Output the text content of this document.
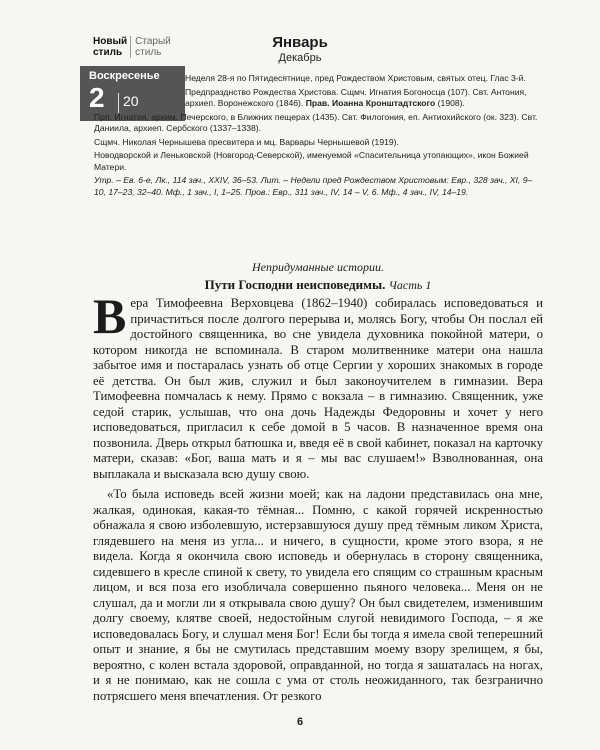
Новый
стильСтарый
стиль
Январь
Декабрь
Воскресенье
2 20

Неделя 28-я по Пятидесятнице, пред Рождеством Христовым, святых отец. Глас 3-й.

Предпразднство Рождества Христова. Сщмч. Игнатия Богоносца (107). Свт. Антония, архиеп. Воронежского (1846). Прав. Иоанна Кронштадтского (1908).

Прп. Игнатия, архим. Печерского, в Ближних пещерах (1435). Свт. Филогония, еп. Антиохийского (ок. 323). Свт. Даниила, архиеп. Сербского (1337–1338).

Сщмч. Николая Чернышева пресвитера и мц. Варвары Чернышевой (1919).

Новодворской и Леньковской (Новгород-Северской), именуемой «Спасительница утопающих», икон Божией Матери.

Утр. – Ев. 6-е, Лк., 114 зач., XXIV, 36–53. Лит. – Недели пред Рождеством Христовым: Евр., 328 зач., XI, 9–10, 17–23, 32–40. Мф., 1 зач., I, 1–25. Пров.: Евр., 311 зач., IV, 14 – V, 6. Мф., 4 зач., IV, 14–19.

Непридуманные истории.
Пути Господни неисповедимы. Часть 1

Вера Тимофеевна Верховцева (1862–1940) собиралась исповедоваться и причаститься после долгого перерыва и, молясь Богу, чтобы Он послал ей достойного священника, во сне увидела духовника покойной матери, о котором никогда не вспоминала. В старом молитвеннике матери она нашла забытое имя и постаралась узнать об отце Сергии у хороших знакомых в городе её детства. Он был жив, служил и был законоучителем в гимназии. Вера Тимофеевна помчалась к нему. Прямо с вокзала – в гимназию. Священник, уже седой старик, услышав, что она дочь Надежды Федоровны и хочет у него исповедоваться, пригласил к себе домой в 5 часов. В назначенное время она позвонила. Дверь открыл батюшка и, введя её в свой кабинет, показал на карточку матери, сказав: «Бог, ваша мать и я – мы вас слушаем!» Взволнованная, она выплакала и высказала всю душу свою.

«То была исповедь всей жизни моей; как на ладони представилась она мне, жалкая, одинокая, какая-то тёмная... Помню, с какой горячей искренностью обнажала я свою изболевшую, истерзавшуюся душу пред тёмным ликом Христа, глядевшего на меня из угла... и ничего, в сущности, кроме этого взора, я не видела. Когда я окончила свою исповедь и обернулась в сторону священника, сидевшего в кресле спиной к свету, то увидела его спящим со страшным красным лицом, и вся поза его изобличала совершенно пьяного человека... Меня он не слушал, да и могли ли я открывала свою душу? Он был свидетелем, изменившим долгу своему, клятве своей, недостойным слугой невидимого Господа, – я же исповедовалась Богу, и слушал меня Бог! Если бы тогда я имела свой теперешний опыт и знание, я бы не смутилась представшим моему взору зрелищем, я бы, вероятно, с колен встала здоровой, оправданной, но тогда я зашаталась на ногах, и я не понимаю, как не сошла с ума от столь неожиданного, так безгранично потрясшего меня впечатления. От резкого

6
